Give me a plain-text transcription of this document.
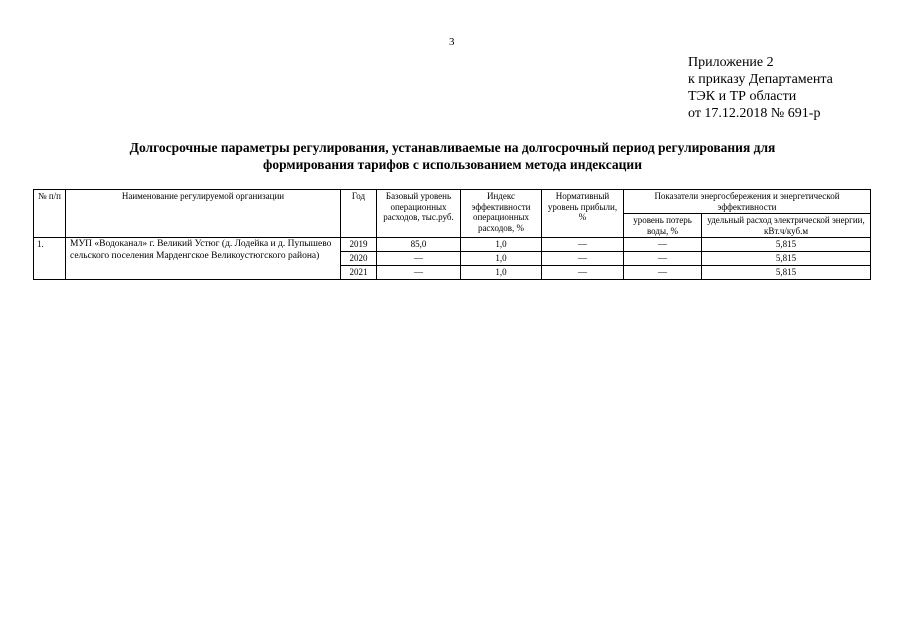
3
Приложение 2
к приказу Департамента
ТЭК и ТР области
от 17.12.2018 № 691-р
Долгосрочные параметры регулирования, устанавливаемые на долгосрочный период регулирования для
формирования тарифов с использованием метода индексации
№ п/п	Наименование регулируемой организации	Год	Базовый уровень операционных расходов, тыс.руб.	Индекс эффективности операционных расходов, %	Нормативный уровень прибыли, %	Показатели энергосбережения и энергетической эффективности	
						уровень потерь воды, %	удельный расход электрической энергии, кВт.ч/куб.м
1.	МУП «Водоканал» г. Великий Устюг (д. Лодейка и д. Пупышево сельского поселения Марденгское Великоустюгского района)	2019	85,0	1,0	—	—	5,815
		2020	—	1,0	—	—	5,815
		2021	—	1,0	—	—	5,815
